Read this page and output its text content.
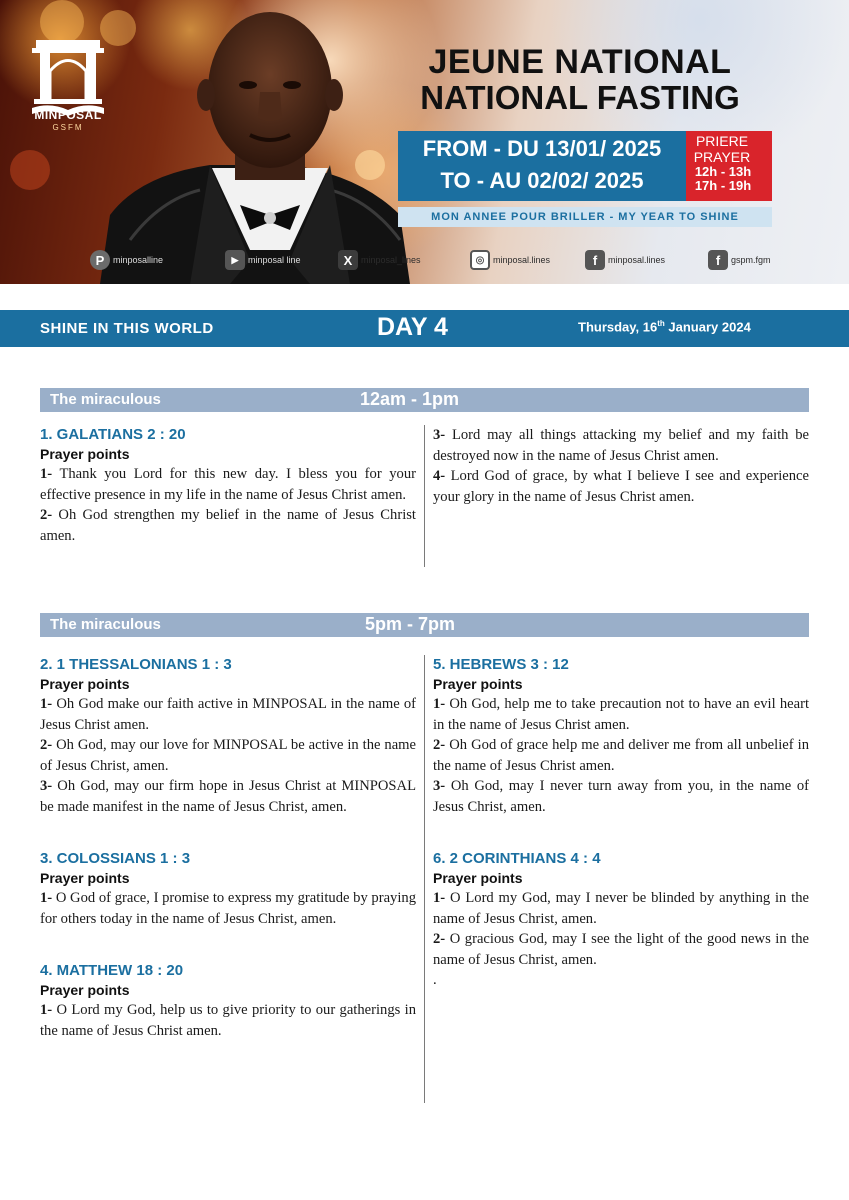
MINPOSAL
GSFM
JEUNE NATIONAL
NATIONAL FASTING
FROM - DU 13/01/ 2025
TO - AU 02/02/ 2025
PRIERE
PRAYER
12h - 13h
17h - 19h
MON ANNEE POUR BRILLER - MY YEAR TO SHINE
P minposalline	▶	minposal line	X minposal_lines	◎ minposal.lines	f	minposal.lines	f	gspm.fgm
SHINE IN THIS WORLD	DAY 4	Thursday, 16th January 2024
The miraculous	12am - 1pm
1. GALATIANS 2 : 20
Prayer points
1- Thank you Lord for this new day. I bless you for your effective presence in my life in the name of Jesus Christ amen.
2- Oh God strengthen my belief in the name of Jesus Christ amen.
3- Lord may all things attacking my belief and my faith be destroyed now in the name of Jesus Christ amen.
4- Lord God of grace, by what I believe I see and experience your glory in the name of Jesus Christ amen.
The miraculous	5pm - 7pm
2. 1 THESSALONIANS 1 : 3
Prayer points
1- Oh God make our faith active in MINPOSAL in the name of Jesus Christ amen.
2- Oh God, may our love for MINPOSAL be active in the name of Jesus Christ, amen.
3- Oh God, may our firm hope in Jesus Christ at MINPOSAL be made manifest in the name of Jesus Christ, amen.
3. COLOSSIANS 1 : 3
Prayer points
1- O God of grace, I promise to express my gratitude by praying for others today in the name of Jesus Christ, amen.
4. MATTHEW 18 : 20
Prayer points
1- O Lord my God, help us to give priority to our gatherings in the name of Jesus Christ amen.
5. HEBREWS 3 : 12
Prayer points
1- Oh God, help me to take precaution not to have an evil heart in the name of Jesus Christ amen.
2- Oh God of grace help me and deliver me from all unbelief in the name of Jesus Christ amen.
3- Oh God, may I never turn away from you, in the name of Jesus Christ, amen.
6. 2 CORINTHIANS 4 : 4
Prayer points
1- O Lord my God, may I never be blinded by anything in the name of Jesus Christ, amen.
2- O gracious God, may I see the light of the good news in the name of Jesus Christ, amen.
.
